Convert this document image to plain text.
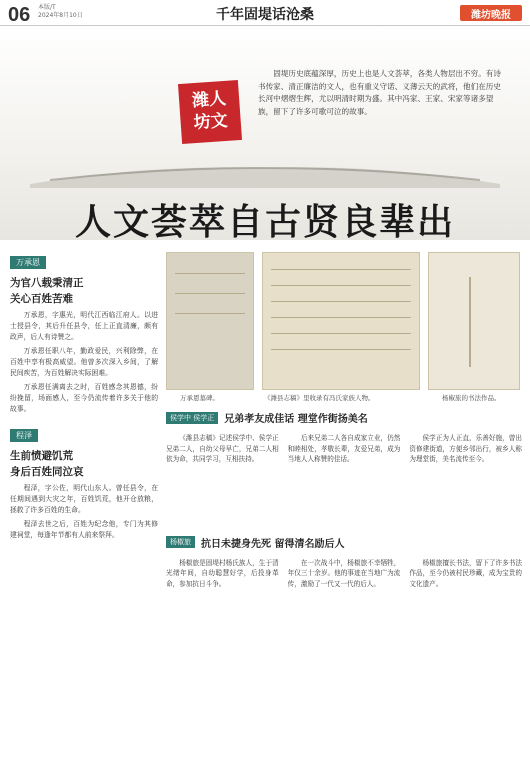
06 本版/T
2024年8月10日	千年固堤话沧桑	潍坊晚报
潍人
坊文
固堤历史底蕴深厚，历史上也是人文荟萃，各类人物层出不穷。有诗书传家、清正廉洁的文人，也有重义守诺、义薄云天的武将，他们在历史长河中熠熠生辉，尤以明清时期为盛。其中冯家、王家、宋家等诸多望族，留下了许多可歌可泣的故事。
人文荟萃自古贤良辈出
万承恩
为官八载秉清正
关心百姓苦难

万承恩，字惠光，明代江西临江府人。以进士授县令，其后升任县令，任上正直清廉，颇有政声，后人有诗赞之。

万承恩任职八年，勤政爱民，兴利除弊，在百姓中享有极高威望。他曾多次深入乡间，了解民间疾苦，为百姓解决实际困难。

万承恩任满离去之时，百姓感念其恩德，纷纷挽留，场面感人，至今仍流传着许多关于他的故事。

程泽
生前愤避饥荒
身后百姓同泣哀

程泽，字公佐，明代山东人。曾任县令，在任期间遇到大灾之年，百姓饥荒，他开仓放粮，拯救了许多百姓的生命。

程泽去世之后，百姓为纪念他，专门为其修建祠堂，每逢年节都有人前来祭拜。

万承恩墓碑。	《潍县志稿》里收录有冯氏家族人物。	杨椒旅的书法作品。
侯学中 侯学正	兄弟孝友成佳话 理堂作街扬美名

《潍县志稿》记述侯学中、侯学正兄弟二人，自幼父母早亡，兄弟二人相依为命，共同学习，互相扶持。

后来兄弟二人各自成家立业，仍然和睦相处，孝敬长辈，友爱兄弟，成为当地人人称赞的佳话。

侯学正为人正直，乐善好施，曾出资修建街道，方便乡邻出行，被乡人称为理堂街，美名流传至今。

杨椒旅	抗日未捷身先死 留得清名励后人

杨椒旅是固堤村杨氏族人，生于清光绪年间，自幼聪慧好学，后投身革命，参加抗日斗争。

在一次战斗中，杨椒旅不幸牺牲，年仅三十余岁。他的事迹在当地广为流传，激励了一代又一代的后人。

杨椒旅擅长书法，留下了许多书法作品，至今仍被村民珍藏，成为宝贵的文化遗产。
